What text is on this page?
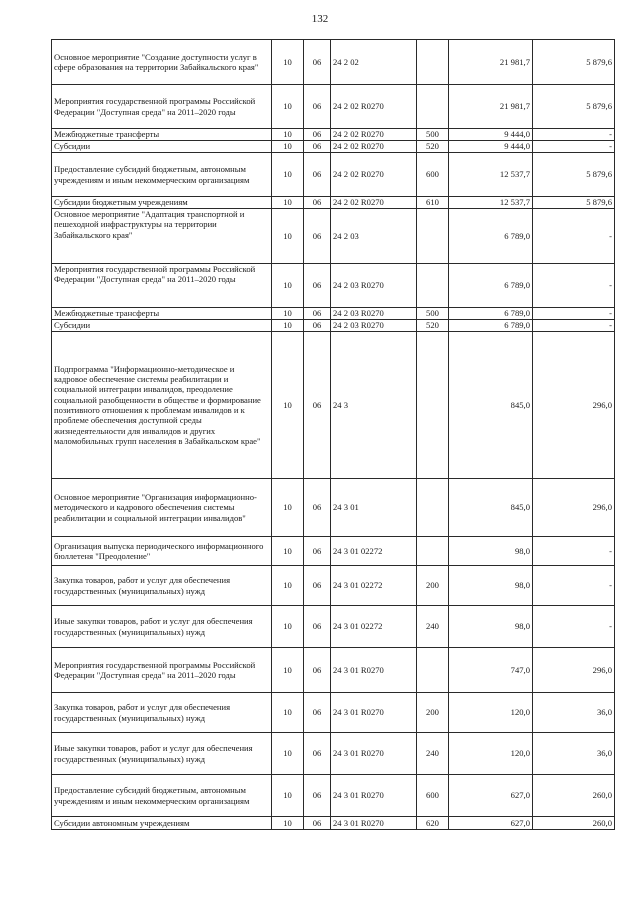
132
Основное мероприятие "Создание доступности услуг в сфере образования на территории Забайкальского края"	10	06	24 2 02		21 981,7	5 879,6
Мероприятия государственной программы Российской Федерации "Доступная среда" на 2011–2020 годы	10	06	24 2 02 R0270		21 981,7	5 879,6
Межбюджетные трансферты	10	06	24 2 02 R0270	500	9 444,0	-
Субсидии	10	06	24 2 02 R0270	520	9 444,0	-
Предоставление субсидий бюджетным, автономным учреждениям и иным некоммерческим организациям	10	06	24 2 02 R0270	600	12 537,7	5 879,6
Субсидии бюджетным учреждениям	10	06	24 2 02 R0270	610	12 537,7	5 879,6
Основное мероприятие "Адаптация транспортной и пешеходной инфраструктуры на территории Забайкальского края"	10	06	24 2 03		6 789,0	-
Мероприятия государственной программы Российской Федерации "Доступная среда" на 2011–2020 годы	10	06	24 2 03 R0270		6 789,0	-
Межбюджетные трансферты	10	06	24 2 03 R0270	500	6 789,0	-
Субсидии	10	06	24 2 03 R0270	520	6 789,0	-
Подпрограмма "Информационно-методическое и кадровое обеспечение системы реабилитации и социальной интеграции инвалидов, преодоление социальной разобщенности в обществе и формирование позитивного отношения к проблемам инвалидов и к проблеме обеспечения доступной среды жизнедеятельности для инвалидов и других маломобильных групп населения в Забайкальском крае"	10	06	24 3		845,0	296,0
Основное мероприятие "Организация информационно-методического и кадрового обеспечения системы реабилитации и социальной интеграции инвалидов"	10	06	24 3 01		845,0	296,0
Организация выпуска периодического информационного бюллетеня "Преодоление"	10	06	24 3 01 02272		98,0	-
Закупка товаров, работ и услуг для обеспечения государственных (муниципальных) нужд	10	06	24 3 01 02272	200	98,0	-
Иные закупки товаров, работ и услуг для обеспечения государственных (муниципальных) нужд	10	06	24 3 01 02272	240	98,0	-
Мероприятия государственной программы Российской Федерации "Доступная среда" на 2011–2020 годы	10	06	24 3 01 R0270		747,0	296,0
Закупка товаров, работ и услуг для обеспечения государственных (муниципальных) нужд	10	06	24 3 01 R0270	200	120,0	36,0
Иные закупки товаров, работ и услуг для обеспечения государственных (муниципальных) нужд	10	06	24 3 01 R0270	240	120,0	36,0
Предоставление субсидий бюджетным, автономным учреждениям и иным некоммерческим организациям	10	06	24 3 01 R0270	600	627,0	260,0
Субсидии автономным учреждениям	10	06	24 3 01 R0270	620	627,0	260,0
